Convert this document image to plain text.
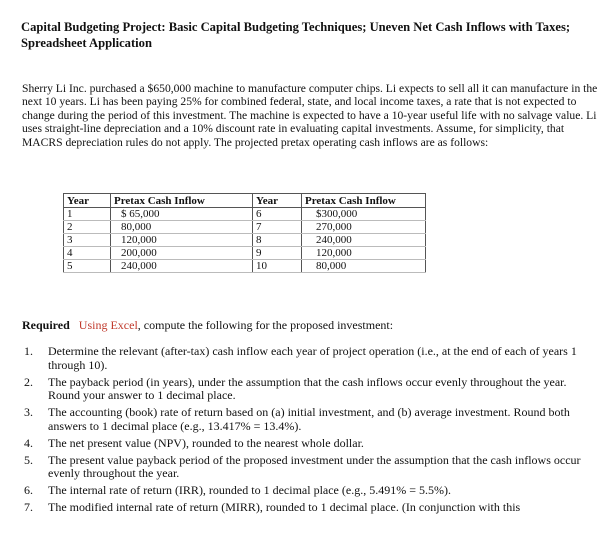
Capital Budgeting Project: Basic Capital Budgeting Techniques; Uneven Net Cash Inflows with Taxes; Spreadsheet Application
Sherry Li Inc. purchased a $650,000 machine to manufacture computer chips. Li expects to sell all it can manufacture in the next 10 years. Li has been paying 25% for combined federal, state, and local income taxes, a rate that is not expected to change during the period of this investment. The machine is expected to have a 10-year useful life with no salvage value. Li uses straight-line depreciation and a 10% discount rate in evaluating capital investments. Assume, for simplicity, that MACRS depreciation rules do not apply. The projected pretax operating cash inflows are as follows:
Year	Pretax Cash Inflow	Year	Pretax Cash Inflow
1	$ 65,000	6	$300,000
2	80,000	7	270,000
3	120,000	8	240,000
4	200,000	9	120,000
5	240,000	10	80,000
Required Using Excel, compute the following for the proposed investment:
1. Determine the relevant (after-tax) cash inflow each year of project operation (i.e., at the end of each of years 1 through 10).
2. The payback period (in years), under the assumption that the cash inflows occur evenly throughout the year. Round your answer to 1 decimal place.
3. The accounting (book) rate of return based on (a) initial investment, and (b) average investment. Round both answers to 1 decimal place (e.g., 13.417% = 13.4%).
4. The net present value (NPV), rounded to the nearest whole dollar.
5. The present value payback period of the proposed investment under the assumption that the cash inflows occur evenly throughout the year.
6. The internal rate of return (IRR), rounded to 1 decimal place (e.g., 5.491% = 5.5%).
7. The modified internal rate of return (MIRR), rounded to 1 decimal place. (In conjunction with this
